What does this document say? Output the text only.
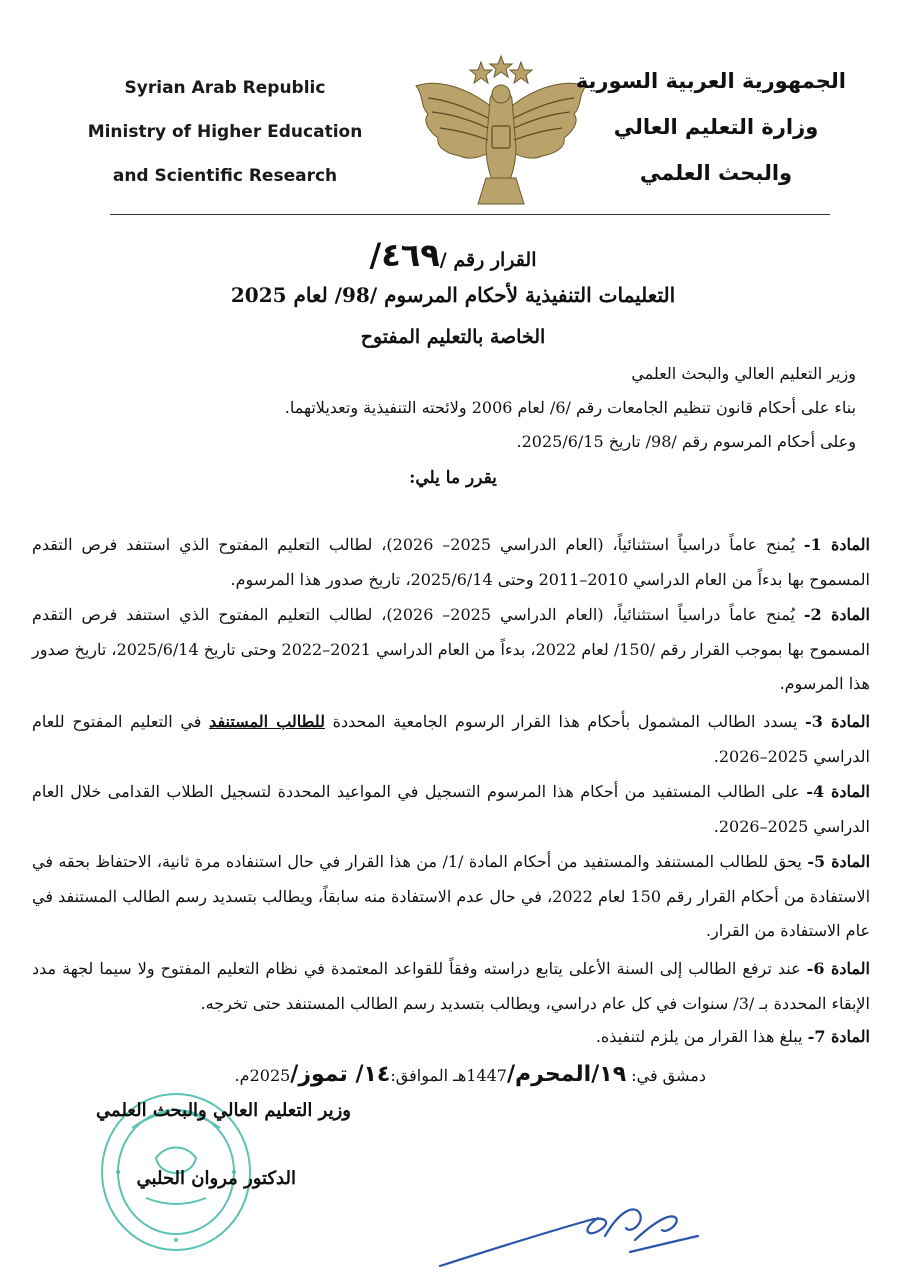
Syrian Arab Republic
Ministry of Higher Education
and Scientific Research
الجمهورية العربية السورية
وزارة التعليم العالي
والبحث العلمي
القرار رقم /٤٦٩/
التعليمات التنفيذية لأحكام المرسوم /98/ لعام 2025
الخاصة بالتعليم المفتوح
وزير التعليم العالي والبحث العلمي
بناء على أحكام قانون تنظيم الجامعات رقم /6/ لعام 2006 ولائحته التنفيذية وتعديلاتهما.
وعلى أحكام المرسوم رقم /98/ تاريخ 2025/6/15.
يقرر ما يلي:

المادة 1- يُمنح عاماً دراسياً استثنائياً، (العام الدراسي 2025– 2026)، لطالب التعليم المفتوح الذي استنفد فرص التقدم المسموح بها بدءاً من العام الدراسي 2010–2011 وحتى 2025/6/14، تاريخ صدور هذا المرسوم.

المادة 2- يُمنح عاماً دراسياً استثنائياً، (العام الدراسي 2025– 2026)، لطالب التعليم المفتوح الذي استنفد فرص التقدم المسموح بها بموجب القرار رقم /150/ لعام 2022، بدءاً من العام الدراسي 2021–2022 وحتى تاريخ 2025/6/14، تاريخ صدور هذا المرسوم.

المادة 3- يسدد الطالب المشمول بأحكام هذا القرار الرسوم الجامعية المحددة للطالب المستنفد في التعليم المفتوح للعام الدراسي 2025–2026.

المادة 4- على الطالب المستفيد من أحكام هذا المرسوم التسجيل في المواعيد المحددة لتسجيل الطلاب القدامى خلال العام الدراسي 2025–2026.

المادة 5- يحق للطالب المستنفد والمستفيد من أحكام المادة /1/ من هذا القرار في حال استنفاده مرة ثانية، الاحتفاظ بحقه في الاستفادة من أحكام القرار رقم 150 لعام 2022، في حال عدم الاستفادة منه سابقاً، ويطالب بتسديد رسم الطالب المستنفد في عام الاستفادة من القرار.

المادة 6- عند ترفع الطالب إلى السنة الأعلى يتابع دراسته وفقاً للقواعد المعتمدة في نظام التعليم المفتوح ولا سيما لجهة مدد الإبقاء المحددة بـ /3/ سنوات في كل عام دراسي، ويطالب بتسديد رسم الطالب المستنفد حتى تخرجه.

المادة 7- يبلغ هذا القرار من يلزم لتنفيذه.

دمشق في: ١٩/المحرم/1447هـ الموافق:١٤/ تموز/2025م.
وزير التعليم العالي والبحث العلمي
الدكتور مروان الحلبي
